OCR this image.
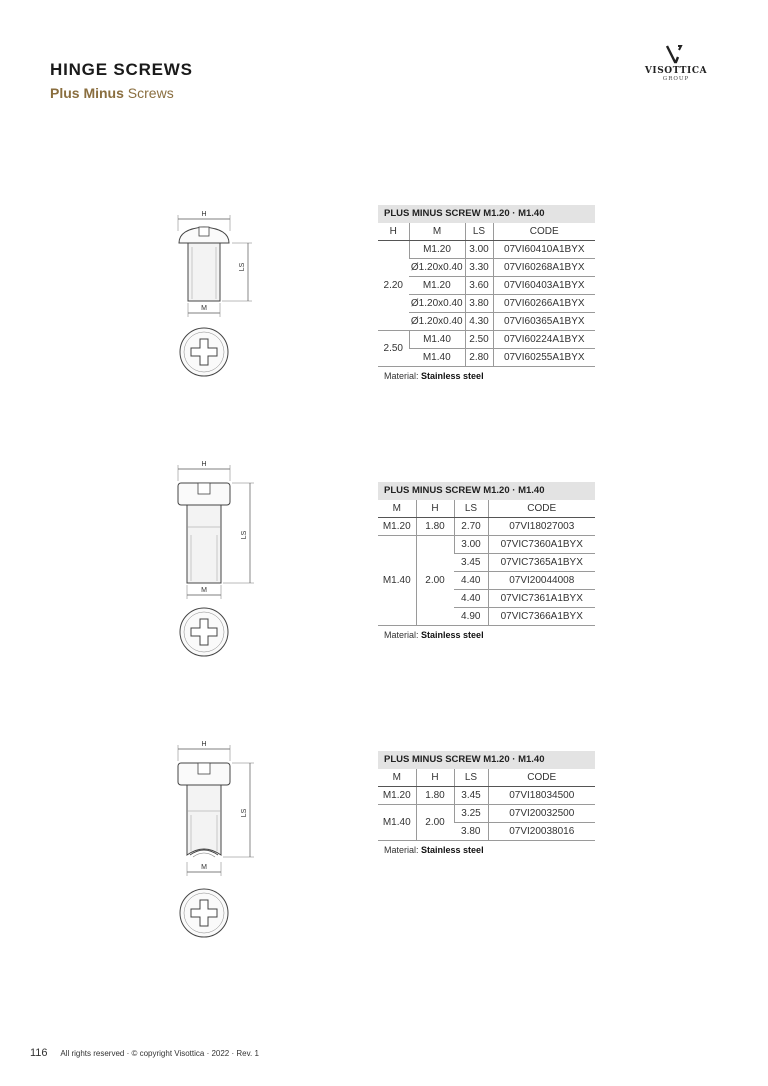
HINGE SCREWS
Plus Minus Screws
VISOTTICA
GROUP
H
LS
M
H
LS
M
H
LS
M
PLUS MINUS SCREW M1.20 · M1.40
H	M	LS	CODE
2.20	M1.20	3.00	07VI60410A1BYX
	Ø1.20x0.40	3.30	07VI60268A1BYX
	M1.20	3.60	07VI60403A1BYX
	Ø1.20x0.40	3.80	07VI60266A1BYX
	Ø1.20x0.40	4.30	07VI60365A1BYX
2.50	M1.40	2.50	07VI60224A1BYX
	M1.40	2.80	07VI60255A1BYX
Material: Stainless steel
PLUS MINUS SCREW M1.20 · M1.40
M	H	LS	CODE
M1.20	1.80	2.70	07VI18027003
M1.40	2.00	3.00	07VIC7360A1BYX
		3.45	07VIC7365A1BYX
		4.40	07VI20044008
		4.40	07VIC7361A1BYX
		4.90	07VIC7366A1BYX
Material: Stainless steel
PLUS MINUS SCREW M1.20 · M1.40
M	H	LS	CODE
M1.20	1.80	3.45	07VI18034500
M1.40	2.00	3.25	07VI20032500
		3.80	07VI20038016
Material: Stainless steel
116 All rights reserved · © copyright Visottica · 2022 · Rev. 1
